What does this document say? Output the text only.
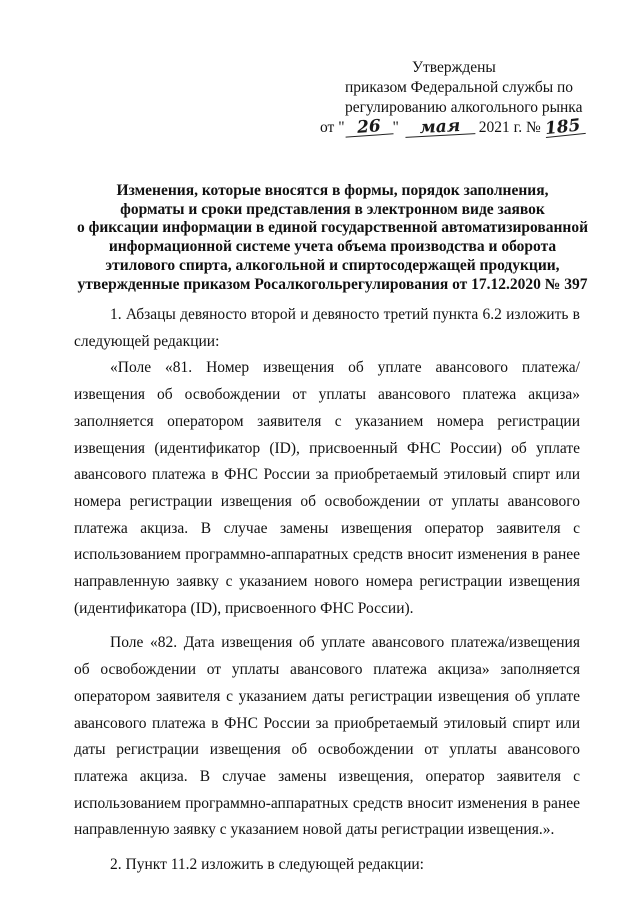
Утверждены
приказом Федеральной службы по
регулированию алкогольного рынка
от " 26 " мая 2021 г. № 185
Изменения, которые вносятся в формы, порядок заполнения,
форматы и сроки представления в электронном виде заявок
о фиксации информации в единой государственной автоматизированной
информационной системе учета объема производства и оборота
этилового спирта, алкогольной и спиртосодержащей продукции,
утвержденные приказом Росалкогольрегулирования от 17.12.2020 № 397

1. Абзацы девяносто второй и девяносто третий пункта 6.2 изложить в следующей редакции:

«Поле «81. Номер извещения об уплате авансового платежа/извещения об освобождении от уплаты авансового платежа акциза» заполняется оператором заявителя с указанием номера регистрации извещения (идентификатор (ID), присвоенный ФНС России) об уплате авансового платежа в ФНС России за приобретаемый этиловый спирт или номера регистрации извещения об освобождении от уплаты авансового платежа акциза. В случае замены извещения оператор заявителя с использованием программно-аппаратных средств вносит изменения в ранее направленную заявку с указанием нового номера регистрации извещения (идентификатора (ID), присвоенного ФНС России).

Поле «82. Дата извещения об уплате авансового платежа/извещения об освобождении от уплаты авансового платежа акциза» заполняется оператором заявителя с указанием даты регистрации извещения об уплате авансового платежа в ФНС России за приобретаемый этиловый спирт или даты регистрации извещения об освобождении от уплаты авансового платежа акциза. В случае замены извещения, оператор заявителя с использованием программно-аппаратных средств вносит изменения в ранее направленную заявку с указанием новой даты регистрации извещения.».

2. Пункт 11.2 изложить в следующей редакции:
